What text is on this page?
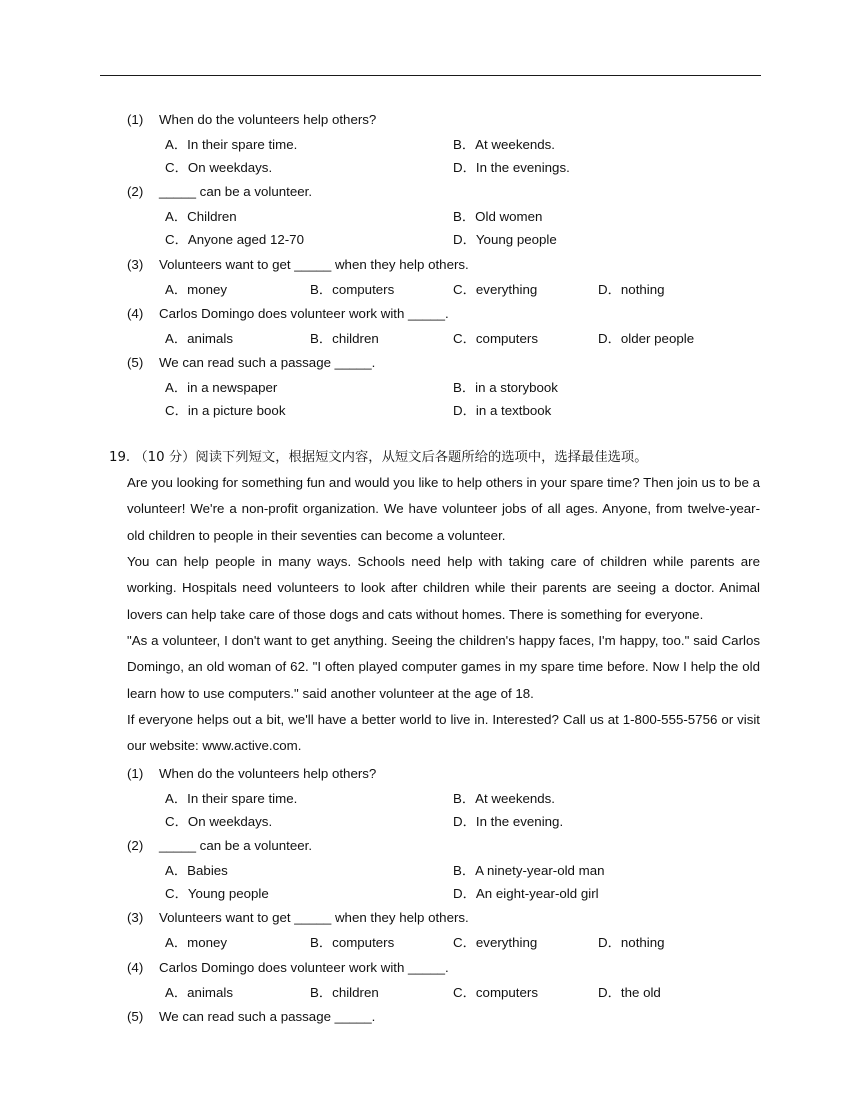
(1) When do the volunteers help others?
A．In their spare time.	B．At weekends.
C．On weekdays.	D．In the evenings.
(2) _____ can be a volunteer.
A．Children	B．Old women
C．Anyone aged 12-70	D．Young people
(3) Volunteers want to get _____ when they help others.
A．money	B．computers	C．everything	D．nothing
(4) Carlos Domingo does volunteer work with _____.
A．animals	B．children	C．computers	D．older people
(5) We can read such a passage _____.
A．in a newspaper	B．in a storybook
C．in a picture book	D．in a textbook
19. （10 分）阅读下列短文，根据短文内容，从短文后各题所给的选项中，选择最佳选项。
Are you looking for something fun and would you like to help others in your spare time? Then join us to be a volunteer! We're a non-profit organization. We have volunteer jobs of all ages. Anyone, from twelve-year-old children to people in their seventies can become a volunteer.
You can help people in many ways. Schools need help with taking care of children while parents are working. Hospitals need volunteers to look after children while their parents are seeing a doctor. Animal lovers can help take care of those dogs and cats without homes. There is something for everyone.
"As a volunteer, I don't want to get anything. Seeing the children's happy faces, I'm happy, too." said Carlos Domingo, an old woman of 62. "I often played computer games in my spare time before. Now I help the old learn how to use computers." said another volunteer at the age of 18.
If everyone helps out a bit, we'll have a better world to live in. Interested? Call us at 1-800-555-5756 or visit our website: www.active.com.
(1) When do the volunteers help others?
A．In their spare time.	B．At weekends.
C．On weekdays.	D．In the evening.
(2) _____ can be a volunteer.
A．Babies	B．A ninety-year-old man
C．Young people	D．An eight-year-old girl
(3) Volunteers want to get _____ when they help others.
A．money	B．computers	C．everything	D．nothing
(4) Carlos Domingo does volunteer work with _____.
A．animals	B．children	C．computers	D．the old
(5) We can read such a passage _____.
